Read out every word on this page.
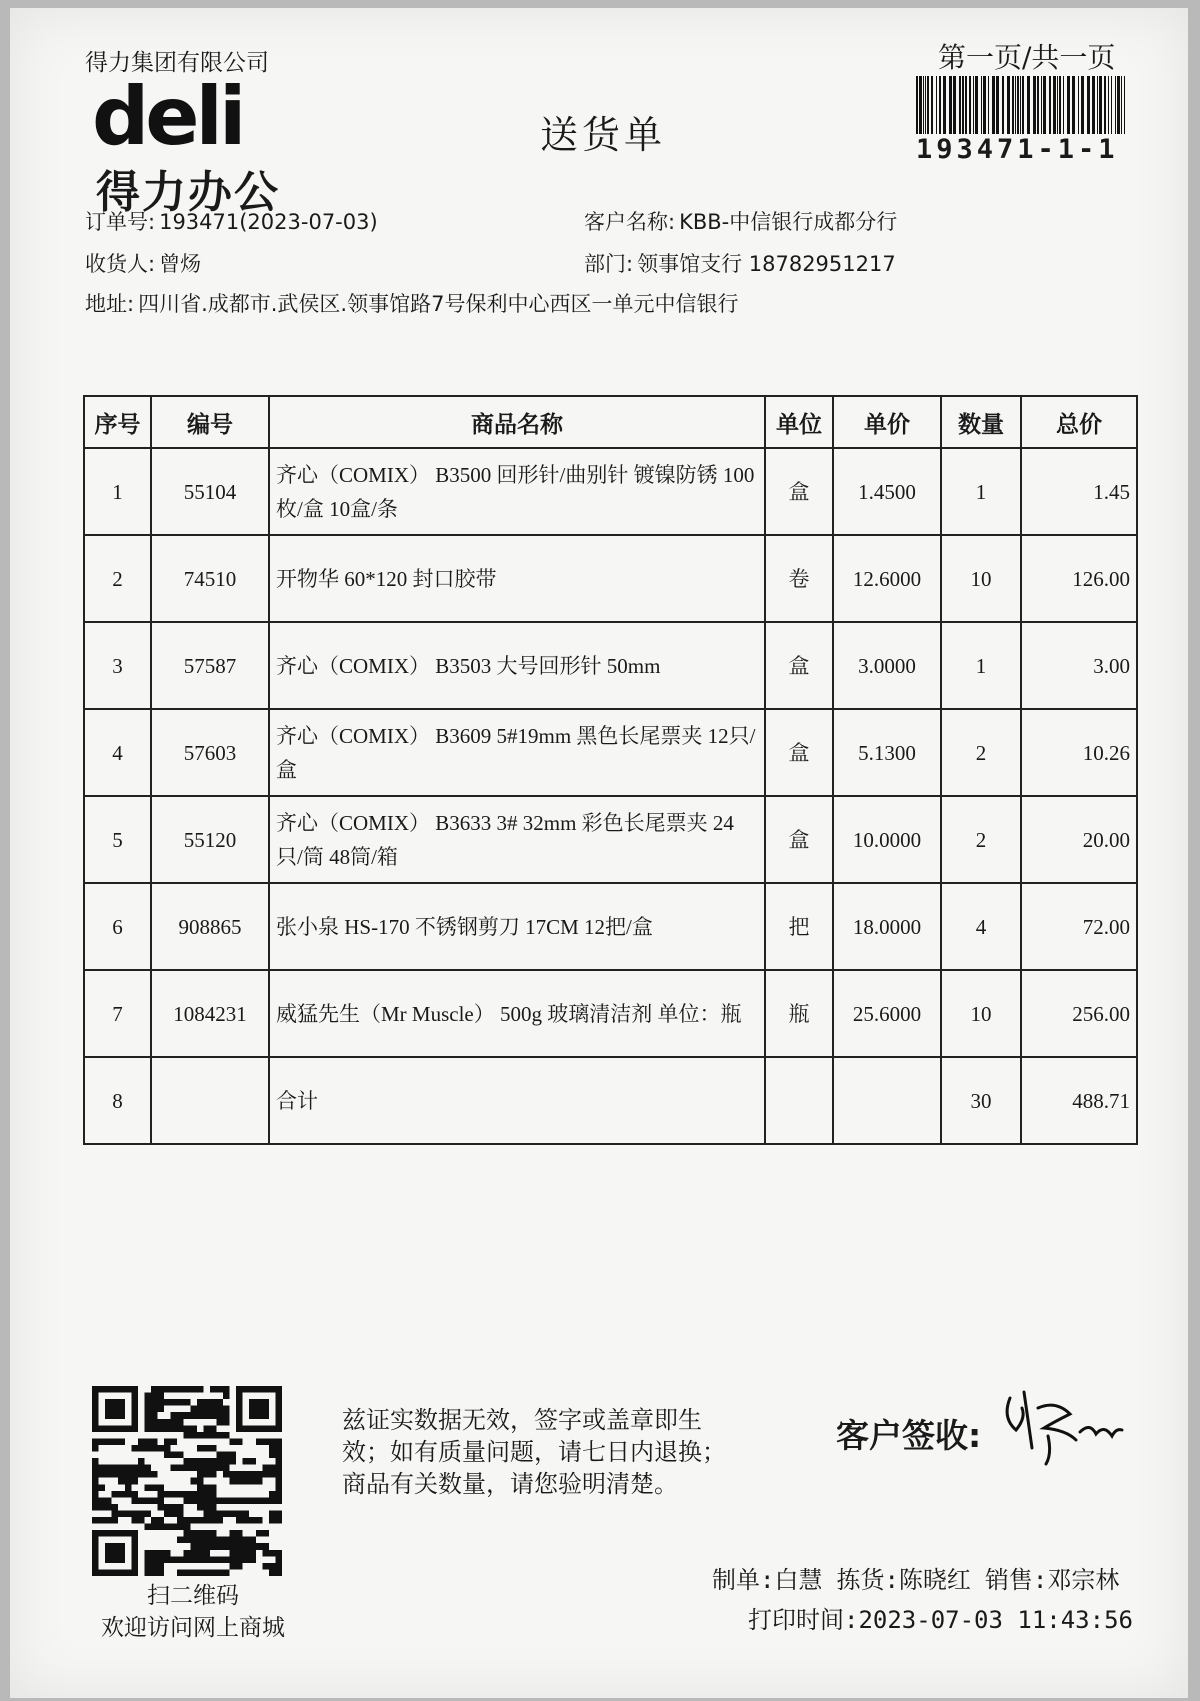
得力集团有限公司
deli
得力办公
送货单
第一页/共一页
193471-1-1
订单号: 193471(2023-07-03)	客户名称: KBB-中信银行成都分行
收货人: 曾炀	部门: 领事馆支行 18782951217
地址: 四川省.成都市.武侯区.领事馆路7号保利中心西区一单元中信银行
序号	编号	商品名称	单位	单价	数量	总价
1	55104	齐心（COMIX） B3500 回形针/曲别针 镀镍防锈 100枚/盒 10盒/条	盒	1.4500	1	1.45
2	74510	开物华 60*120 封口胶带	卷	12.6000	10	126.00
3	57587	齐心（COMIX） B3503 大号回形针 50mm	盒	3.0000	1	3.00
4	57603	齐心（COMIX） B3609 5#19mm 黑色长尾票夹 12只/盒	盒	5.1300	2	10.26
5	55120	齐心（COMIX） B3633 3# 32mm 彩色长尾票夹 24只/筒 48筒/箱	盒	10.0000	2	20.00
6	908865	张小泉 HS-170 不锈钢剪刀 17CM 12把/盒	把	18.0000	4	72.00
7	1084231	威猛先生（Mr Muscle） 500g 玻璃清洁剂 单位：瓶	瓶	25.6000	10	256.00
8		合计			30	488.71
扫二维码
欢迎访问网上商城
兹证实数据无效，签字或盖章即生效；如有质量问题，请七日内退换；商品有关数量，请您验明清楚。
客户签收:
制单:白慧 拣货:陈晓红 销售:邓宗林
打印时间:2023-07-03 11:43:56
